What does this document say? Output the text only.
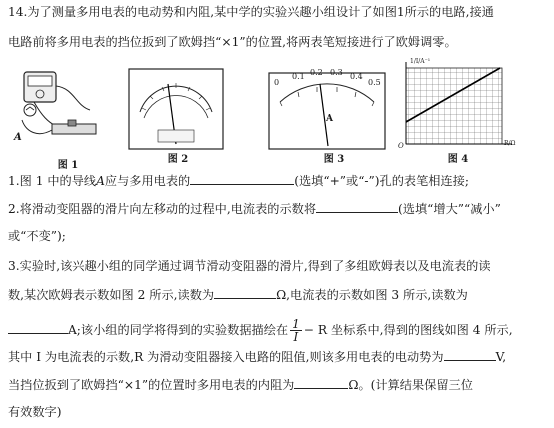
14.为了测量多用电表的电动势和内阻,某中学的实验兴趣小组设计了如图1所示的电路,接通
电路前将多用电表的挡位扳到了欧姆挡“×1”的位置,将两表笔短接进行了欧姆调零。
A
图 1
图 2
0
0.1 0.2 0.3 0.4
0.5
A
图 3
1/I/A⁻¹
R/Ω
O
图 4
1.图 1 中的导线A应与多用电表的	(选填“+”或“-”)孔的表笔相连接;
2.将滑动变阻器的滑片向左移动的过程中,电流表的示数将	(选填“增大”“减小”
或“不变”);
3.实验时,该兴趣小组的同学通过调节滑动变阻器的滑片,得到了多组欧姆表以及电流表的读
数,某次欧姆表示数如图 2 所示,读数为	Ω,电流表的示数如图 3 所示,读数为
A;该小组的同学将得到的实验数据描绘在 $\frac{1}{I} - R$ 坐标系中,得到的图线如图 4 所示,
其中 I 为电流表的示数,R 为滑动变阻器接入电路的阻值,则该多用电表的电动势为	V,
当挡位扳到了欧姆挡“×1”的位置时多用电表的内阻为	Ω。(计算结果保留三位
有效数字)
